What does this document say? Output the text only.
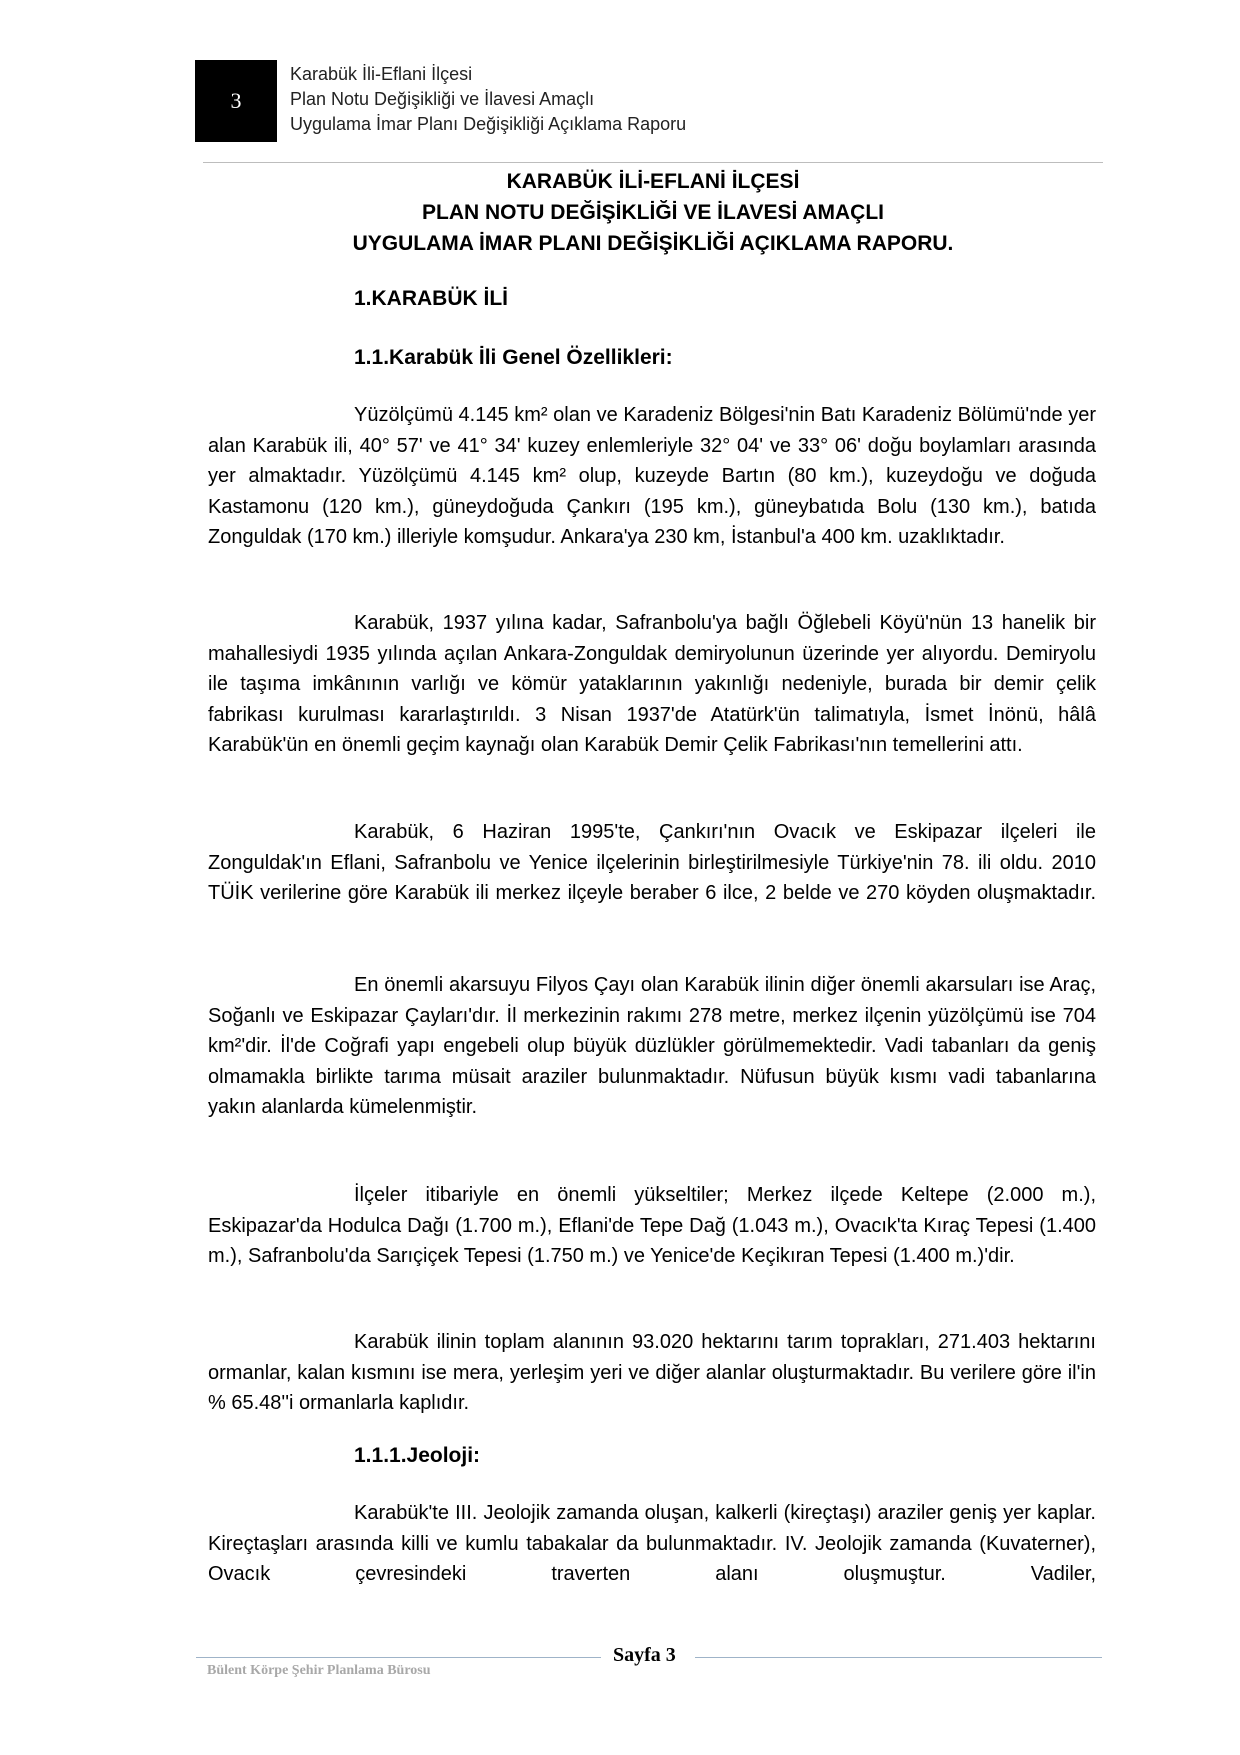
3
Karabük İli-Eflani İlçesi
Plan Notu Değişikliği ve İlavesi Amaçlı
Uygulama İmar Planı Değişikliği Açıklama Raporu
KARABÜK İLİ-EFLANİ İLÇESİ
PLAN NOTU DEĞİŞİKLİĞİ VE İLAVESİ AMAÇLI
UYGULAMA İMAR PLANI DEĞİŞİKLİĞİ AÇIKLAMA RAPORU.
1.KARABÜK İLİ
1.1.Karabük İli Genel Özellikleri:

Yüzölçümü 4.145 km² olan ve Karadeniz Bölgesi'nin Batı Karadeniz Bölümü'nde yer alan Karabük ili, 40° 57' ve 41° 34' kuzey enlemleriyle 32° 04' ve 33° 06' doğu boylamları arasında yer almaktadır. Yüzölçümü 4.145 km² olup, kuzeyde Bartın (80 km.), kuzeydoğu ve doğuda Kastamonu (120 km.), güneydoğuda Çankırı (195 km.), güneybatıda Bolu (130 km.), batıda Zonguldak (170 km.) illeriyle komşudur. Ankara'ya 230 km, İstanbul'a 400 km. uzaklıktadır.

Karabük, 1937 yılına kadar, Safranbolu'ya bağlı Öğlebeli Köyü'nün 13 hanelik bir mahallesiydi 1935 yılında açılan Ankara-Zonguldak demiryolunun üzerinde yer alıyordu. Demiryolu ile taşıma imkânının varlığı ve kömür yataklarının yakınlığı nedeniyle, burada bir demir çelik fabrikası kurulması kararlaştırıldı. 3 Nisan 1937'de Atatürk'ün talimatıyla, İsmet İnönü, hâlâ Karabük'ün en önemli geçim kaynağı olan Karabük Demir Çelik Fabrikası'nın temellerini attı.

Karabük, 6 Haziran 1995'te, Çankırı'nın Ovacık ve Eskipazar ilçeleri ile Zonguldak'ın Eflani, Safranbolu ve Yenice ilçelerinin birleştirilmesiyle Türkiye'nin 78. ili oldu. 2010 TÜİK verilerine göre Karabük ili merkez ilçeyle beraber 6 ilce, 2 belde ve 270 köyden oluşmaktadır.

En önemli akarsuyu Filyos Çayı olan Karabük ilinin diğer önemli akarsuları ise Araç, Soğanlı ve Eskipazar Çayları'dır. İl merkezinin rakımı 278 metre, merkez ilçenin yüzölçümü ise 704 km²'dir. İl'de Coğrafi yapı engebeli olup büyük düzlükler görülmemektedir. Vadi tabanları da geniş olmamakla birlikte tarıma müsait araziler bulunmaktadır. Nüfusun büyük kısmı vadi tabanlarına yakın alanlarda kümelenmiştir.

İlçeler itibariyle en önemli yükseltiler; Merkez ilçede Keltepe (2.000 m.), Eskipazar'da Hodulca Dağı (1.700 m.), Eflani'de Tepe Dağ (1.043 m.), Ovacık'ta Kıraç Tepesi (1.400 m.), Safranbolu'da Sarıçiçek Tepesi (1.750 m.) ve Yenice'de Keçikıran Tepesi (1.400 m.)'dir.

Karabük ilinin toplam alanının 93.020 hektarını tarım toprakları, 271.403 hektarını ormanlar, kalan kısmını ise mera, yerleşim yeri ve diğer alanlar oluşturmaktadır. Bu verilere göre il'in % 65.48''i ormanlarla kaplıdır.

1.1.1.Jeoloji:

Karabük'te III. Jeolojik zamanda oluşan, kalkerli (kireçtaşı) araziler geniş yer kaplar. Kireçtaşları arasında killi ve kumlu tabakalar da bulunmaktadır. IV. Jeolojik zamanda (Kuvaterner), Ovacık çevresindeki traverten alanı oluşmuştur. Vadiler,

Sayfa 3
Bülent Körpe Şehir Planlama Bürosu
